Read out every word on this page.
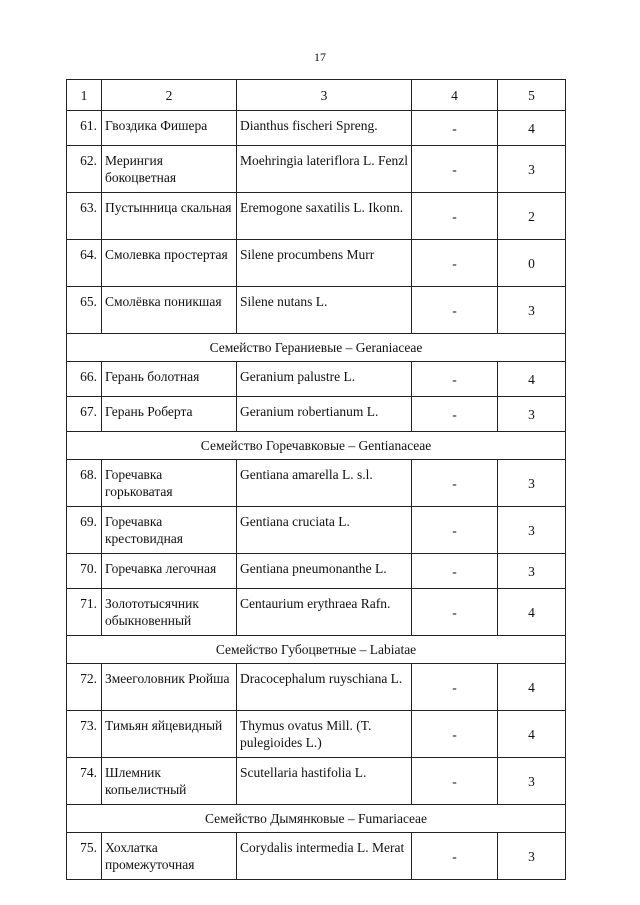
17
1	2	3	4	5
61.	Гвоздика Фишера	Dianthus fischeri Spreng.	-	4
62.	Мерингия бокоцветная	Moehringia lateriflora L. Fenzl	-	3
63.	Пустынница скальная	Eremogone saxatilis L. Ikonn.	-	2
64.	Смолевка простертая	Silene procumbens Murr	-	0
65.	Смолёвка поникшая	Silene nutans L.	-	3
Семейство Гераниевые – Geraniaceae				
66.	Герань болотная	Geranium palustre L.	-	4
67.	Герань Роберта	Geranium robertianum L.	-	3
Семейство Горечавковые – Gentianaceae				
68.	Горечавка горьковатая	Gentiana amarella L. s.l.	-	3
69.	Горечавка крестовидная	Gentiana cruciata L.	-	3
70.	Горечавка легочная	Gentiana pneumonanthe L.	-	3
71.	Золототысячник обыкновенный	Centaurium erythraea Rafn.	-	4
Семейство Губоцветные – Labiatae				
72.	Змееголовник Рюйша	Dracocephalum ruyschiana L.	-	4
73.	Тимьян яйцевидный	Thymus ovatus Mill. (T. pulegioides L.)	-	4
74.	Шлемник копьелистный	Scutellaria hastifolia L.	-	3
Семейство Дымянковые – Fumariaceae				
75.	Хохлатка промежуточная	Corydalis intermedia L. Merat	-	3
